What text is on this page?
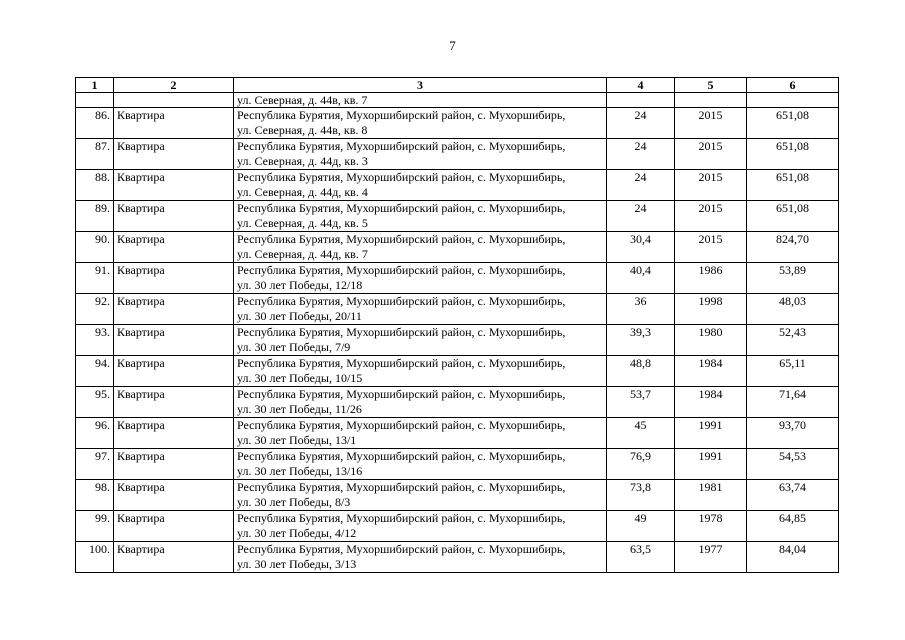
7
1	2	3	4	5	6
		ул. Северная, д. 44в, кв. 7			
86.	Квартира	Республика Бурятия, Мухоршибирский район, с. Мухоршибирь,
ул. Северная, д. 44в, кв. 8	24	2015	651,08
87.	Квартира	Республика Бурятия, Мухоршибирский район, с. Мухоршибирь,
ул. Северная, д. 44д, кв. 3	24	2015	651,08
88.	Квартира	Республика Бурятия, Мухоршибирский район, с. Мухоршибирь,
ул. Северная, д. 44д, кв. 4	24	2015	651,08
89.	Квартира	Республика Бурятия, Мухоршибирский район, с. Мухоршибирь,
ул. Северная, д. 44д, кв. 5	24	2015	651,08
90.	Квартира	Республика Бурятия, Мухоршибирский район, с. Мухоршибирь,
ул. Северная, д. 44д, кв. 7	30,4	2015	824,70
91.	Квартира	Республика Бурятия, Мухоршибирский район, с. Мухоршибирь,
ул. 30 лет Победы, 12/18	40,4	1986	53,89
92.	Квартира	Республика Бурятия, Мухоршибирский район, с. Мухоршибирь,
ул. 30 лет Победы, 20/11	36	1998	48,03
93.	Квартира	Республика Бурятия, Мухоршибирский район, с. Мухоршибирь,
ул. 30 лет Победы, 7/9	39,3	1980	52,43
94.	Квартира	Республика Бурятия, Мухоршибирский район, с. Мухоршибирь,
ул. 30 лет Победы, 10/15	48,8	1984	65,11
95.	Квартира	Республика Бурятия, Мухоршибирский район, с. Мухоршибирь,
ул. 30 лет Победы, 11/26	53,7	1984	71,64
96.	Квартира	Республика Бурятия, Мухоршибирский район, с. Мухоршибирь,
ул. 30 лет Победы, 13/1	45	1991	93,70
97.	Квартира	Республика Бурятия, Мухоршибирский район, с. Мухоршибирь,
ул. 30 лет Победы, 13/16	76,9	1991	54,53
98.	Квартира	Республика Бурятия, Мухоршибирский район, с. Мухоршибирь,
ул. 30 лет Победы, 8/3	73,8	1981	63,74
99.	Квартира	Республика Бурятия, Мухоршибирский район, с. Мухоршибирь,
ул. 30 лет Победы, 4/12	49	1978	64,85
100.	Квартира	Республика Бурятия, Мухоршибирский район, с. Мухоршибирь,
ул. 30 лет Победы, 3/13	63,5	1977	84,04
